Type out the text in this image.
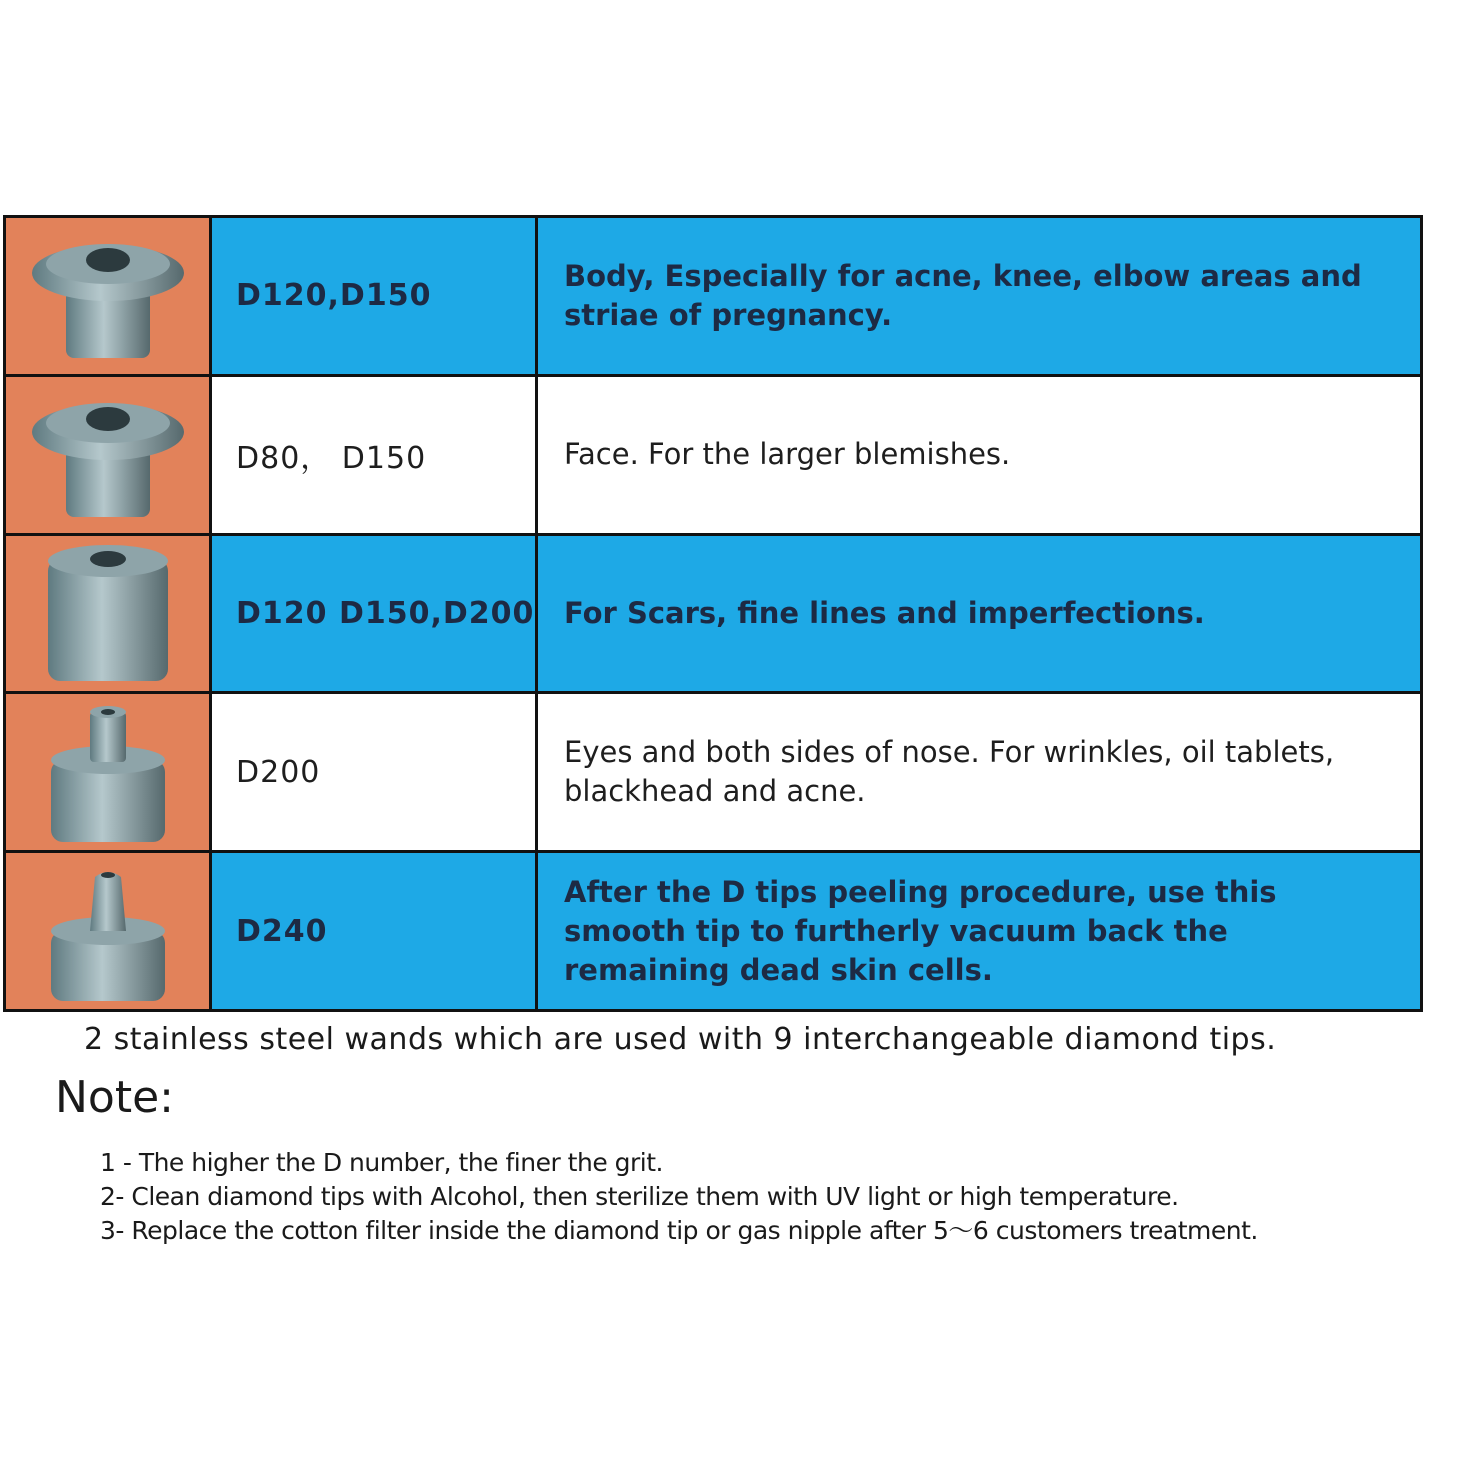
D120,D150
Body, Especially for acne, knee, elbow areas and striae of pregnancy.
D80， D150	Face. For the larger blemishes.
D120 D150,D200	For Scars, fine lines and imperfections.
D200
Eyes and both sides of nose. For wrinkles, oil tablets, blackhead and acne.
D240
After the D tips peeling procedure, use this smooth tip to furtherly vacuum back the remaining dead skin cells.
2 stainless steel wands which are used with 9 interchangeable diamond tips.
Note:
1 - The higher the D number, the finer the grit.
2- Clean diamond tips with Alcohol, then sterilize them with UV light or high temperature.
3- Replace the cotton filter inside the diamond tip or gas nipple after 5～6 customers treatment.
